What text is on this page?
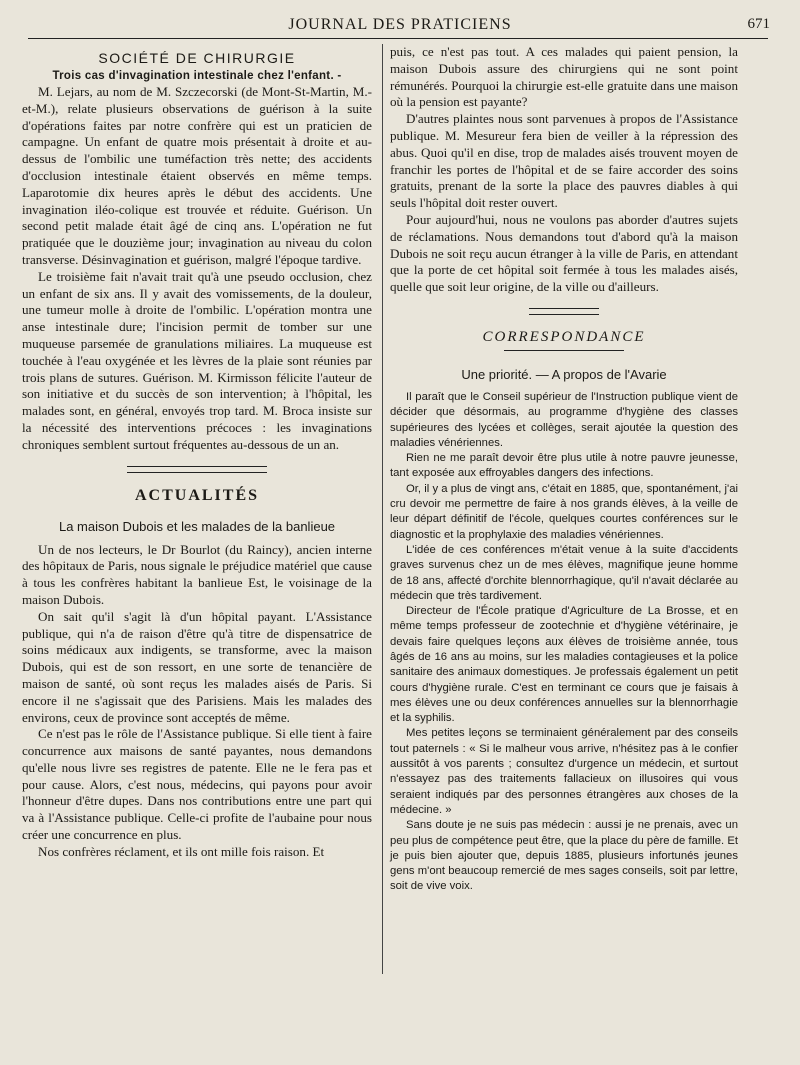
JOURNAL DES PRATICIENS	671
SOCIÉTÉ DE CHIRURGIE
Trois cas d'invagination intestinale chez l'enfant. -

M. Lejars, au nom de M. Szczecorski (de Mont-St-Martin, M.-et-M.), relate plusieurs observations de guérison à la suite d'opérations faites par notre confrère qui est un praticien de campagne. Un enfant de quatre mois présentait à droite et au-dessus de l'ombilic une tuméfaction très nette; des accidents d'occlusion intestinale étaient observés en même temps. Laparotomie dix heures après le début des accidents. Une invagination iléo-colique est trouvée et réduite. Guérison. Un second petit malade était âgé de cinq ans. L'opération ne fut pratiquée que le douzième jour; invagination au niveau du colon transverse. Désinvagination et guérison, malgré l'époque tardive.

Le troisième fait n'avait trait qu'à une pseudo occlusion, chez un enfant de six ans. Il y avait des vomissements, de la douleur, une tumeur molle à droite de l'ombilic. L'opération montra une anse intestinale dure; l'incision permit de tomber sur une muqueuse parsemée de granulations miliaires. La muqueuse est touchée à l'eau oxygénée et les lèvres de la plaie sont réunies par trois plans de sutures. Guérison. M. Kirmisson félicite l'auteur de son initiative et du succès de son intervention; à l'hôpital, les malades sont, en général, envoyés trop tard. M. Broca insiste sur la nécessité des interventions précoces : les invaginations chroniques semblent surtout fréquentes au-dessous de un an.

ACTUALITÉS
La maison Dubois et les malades de la banlieue

Un de nos lecteurs, le Dr Bourlot (du Raincy), ancien interne des hôpitaux de Paris, nous signale le préjudice matériel que cause à tous les confrères habitant la banlieue Est, le voisinage de la maison Dubois.

On sait qu'il s'agit là d'un hôpital payant. L'Assistance publique, qui n'a de raison d'être qu'à titre de dispensatrice de soins médicaux aux indigents, se transforme, avec la maison Dubois, qui est de son ressort, en une sorte de tenancière de maison de santé, où sont reçus les malades aisés de Paris. Si encore il ne s'agissait que des Parisiens. Mais les malades des environs, ceux de province sont acceptés de même.

Ce n'est pas le rôle de l'Assistance publique. Si elle tient à faire concurrence aux maisons de santé payantes, nous demandons qu'elle nous livre ses registres de patente. Elle ne le fera pas et pour cause. Alors, c'est nous, médecins, qui payons pour avoir l'honneur d'être dupes. Dans nos contributions entre une part qui va à l'Assistance publique. Celle-ci profite de l'aubaine pour nous créer une concurrence en plus.

Nos confrères réclament, et ils ont mille fois raison. Et

puis, ce n'est pas tout. A ces malades qui paient pension, la maison Dubois assure des chirurgiens qui ne sont point rémunérés. Pourquoi la chirurgie est-elle gratuite dans une maison où la pension est payante?

D'autres plaintes nous sont parvenues à propos de l'Assistance publique. M. Mesureur fera bien de veiller à la répression des abus. Quoi qu'il en dise, trop de malades aisés trouvent moyen de franchir les portes de l'hôpital et de se faire accorder des soins gratuits, prenant de la sorte la place des pauvres diables à qui seuls l'hôpital doit rester ouvert.

Pour aujourd'hui, nous ne voulons pas aborder d'autres sujets de réclamations. Nous demandons tout d'abord qu'à la maison Dubois ne soit reçu aucun étranger à la ville de Paris, en attendant que la porte de cet hôpital soit fermée à tous les malades aisés, quelle que soit leur origine, de la ville ou d'ailleurs.

CORRESPONDANCE
Une priorité. — A propos de l'Avarie

Il paraît que le Conseil supérieur de l'Instruction publique vient de décider que désormais, au programme d'hygiène des classes supérieures des lycées et collèges, serait ajoutée la question des maladies vénériennes.

Rien ne me paraît devoir être plus utile à notre pauvre jeunesse, tant exposée aux effroyables dangers des infections.

Or, il y a plus de vingt ans, c'était en 1885, que, spontanément, j'ai cru devoir me permettre de faire à nos grands élèves, à la veille de leur départ définitif de l'école, quelques courtes conférences sur le diagnostic et la prophylaxie des maladies vénériennes.

L'idée de ces conférences m'était venue à la suite d'accidents graves survenus chez un de mes élèves, magnifique jeune homme de 18 ans, affecté d'orchite blennorrhagique, qu'il n'avait déclarée au médecin que très tardivement.

Directeur de l'École pratique d'Agriculture de La Brosse, et en même temps professeur de zootechnie et d'hygiène vétérinaire, je devais faire quelques leçons aux élèves de troisième année, tous âgés de 16 ans au moins, sur les maladies contagieuses et la police sanitaire des animaux domestiques. Je professais également un petit cours d'hygiène rurale. C'est en terminant ce cours que je faisais à mes élèves une ou deux conférences annuelles sur la blennorrhagie et la syphilis.

Mes petites leçons se terminaient généralement par des conseils tout paternels : « Si le malheur vous arrive, n'hésitez pas à le confier aussitôt à vos parents ; consultez d'urgence un médecin, et surtout n'essayez pas des traitements fallacieux on illusoires qui vous seraient indiqués par des personnes étrangères aux choses de la médecine. »

Sans doute je ne suis pas médecin : aussi je ne prenais, avec un peu plus de compétence peut être, que la place du père de famille. Et je puis bien ajouter que, depuis 1885, plusieurs infortunés jeunes gens m'ont beaucoup remercié de mes sages conseils, soit par lettre, soit de vive voix.
